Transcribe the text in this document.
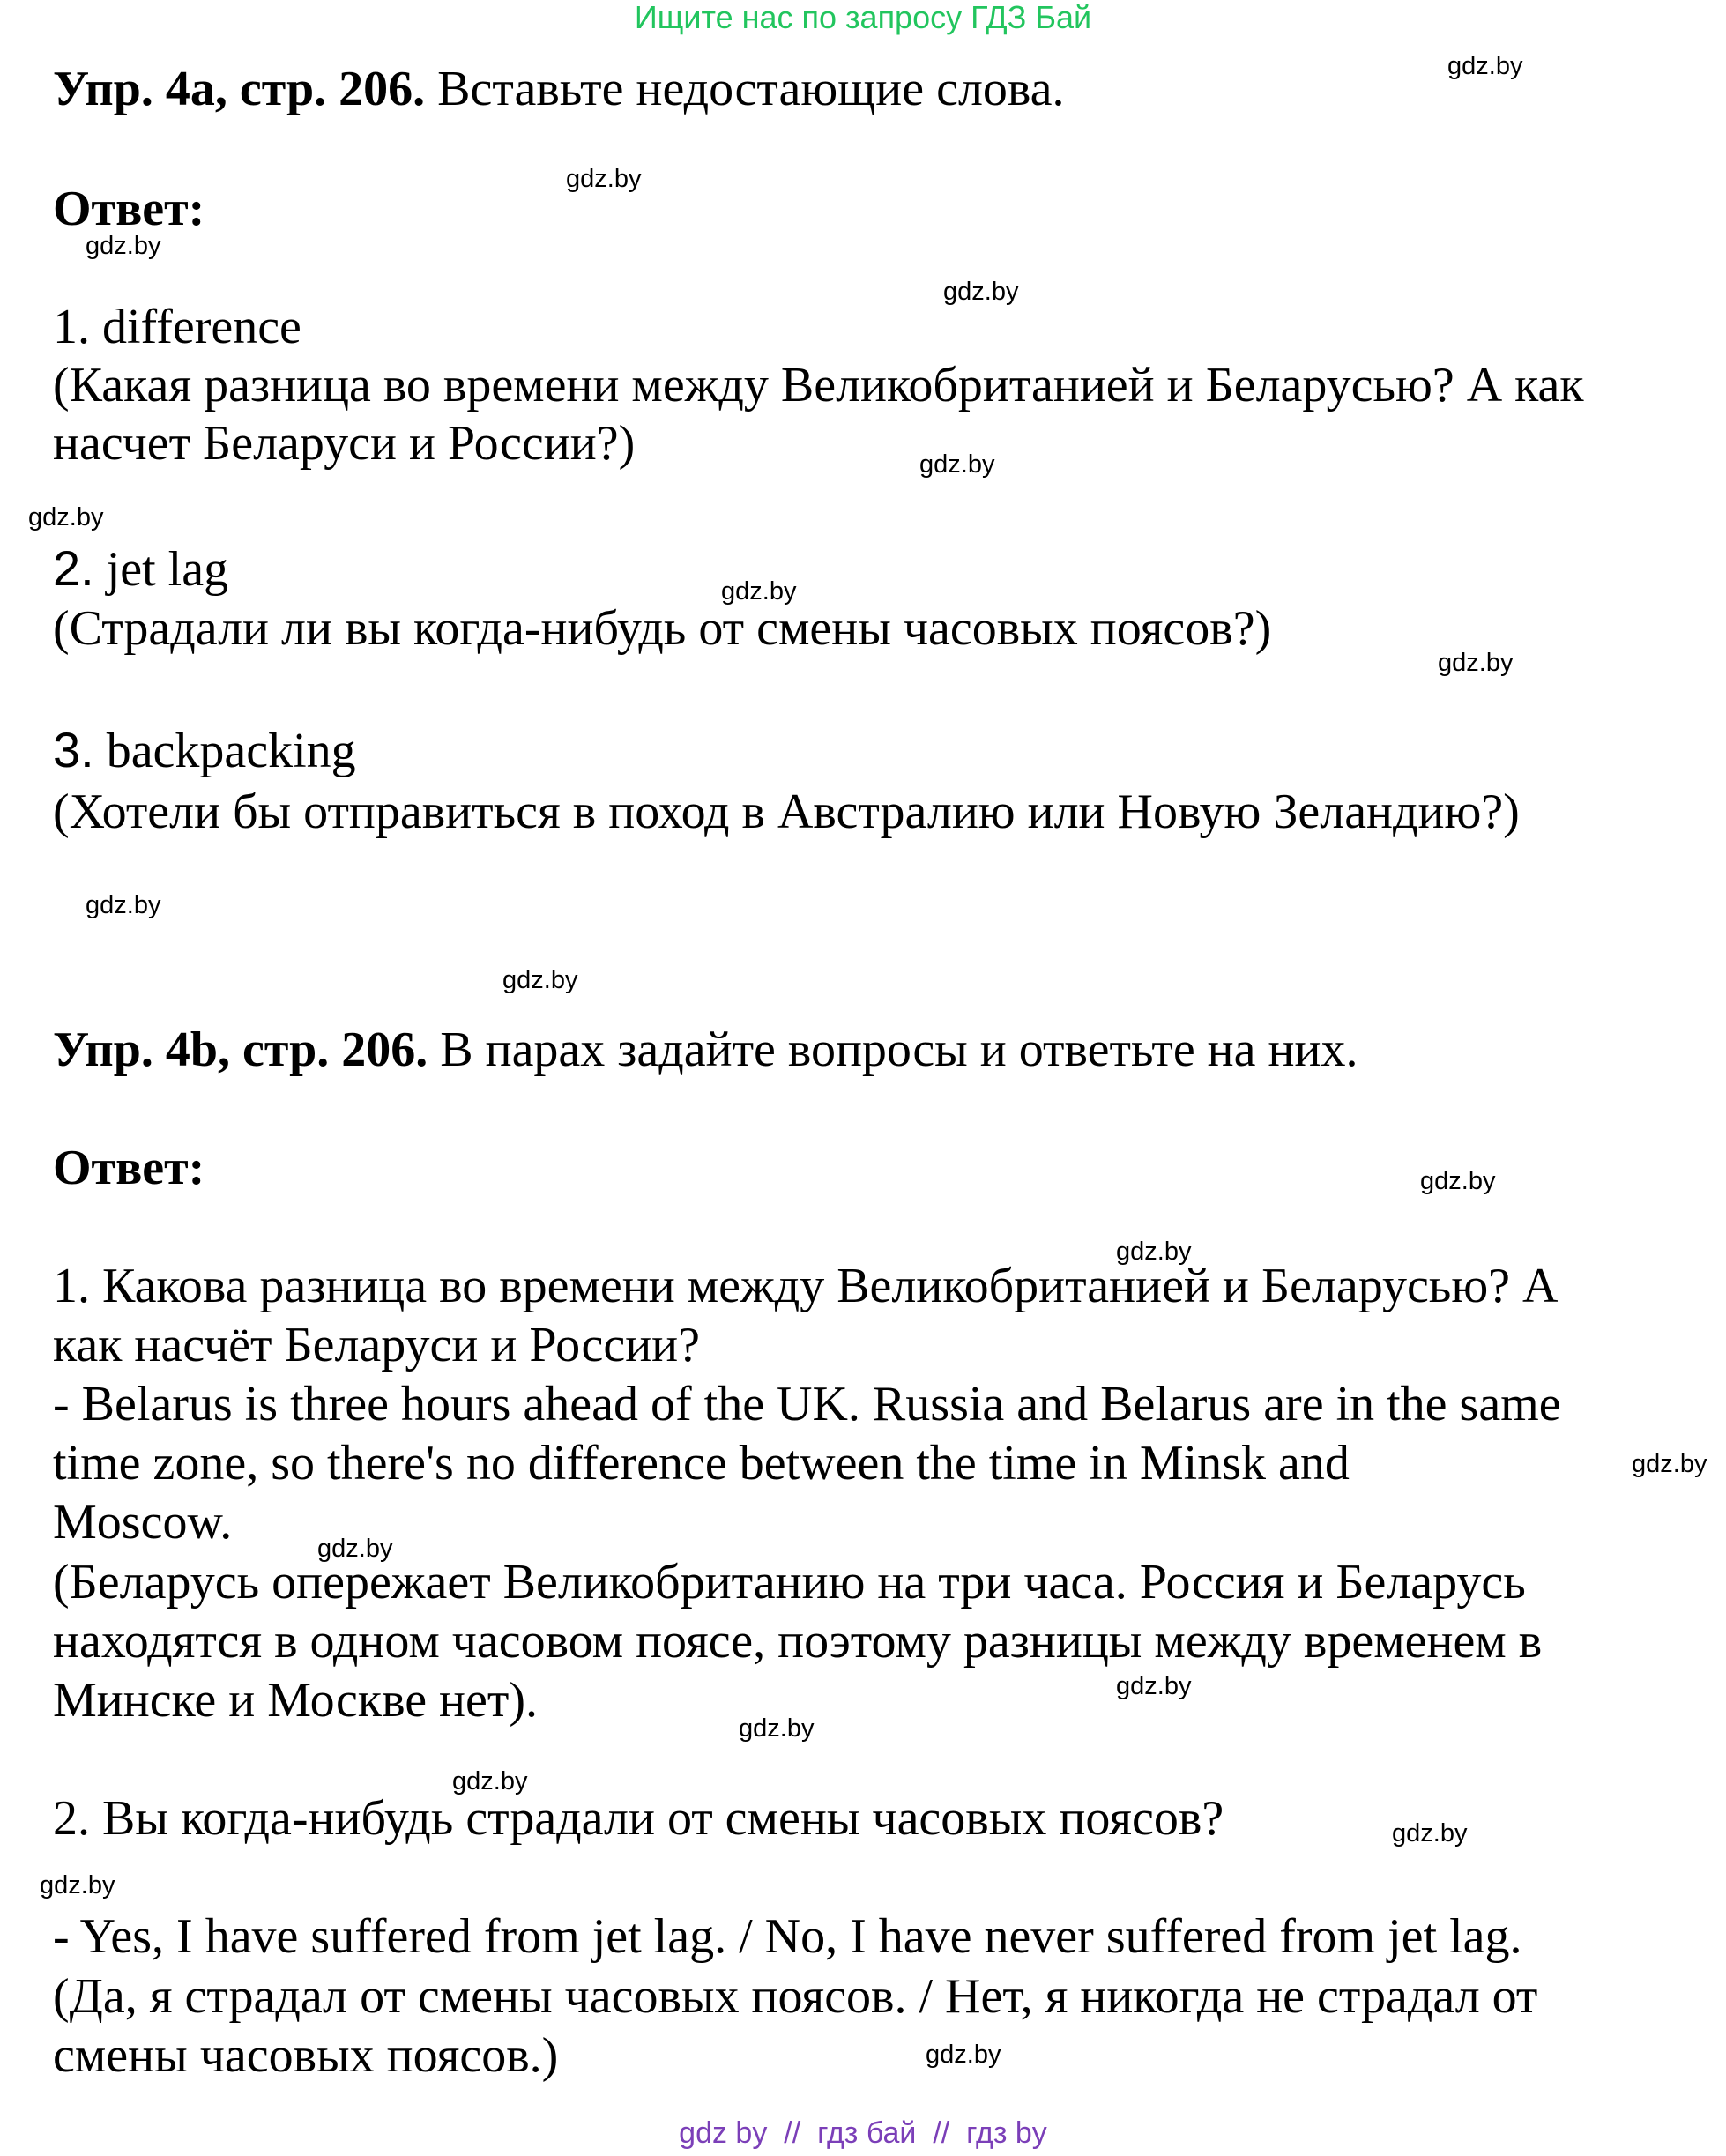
Ищите нас по запросу ГДЗ Бай
gdz.by
gdz.by
gdz.by
gdz.by
gdz.by
gdz.by
gdz.by
gdz.by
gdz.by
gdz.by
gdz.by
gdz.by
gdz.by
gdz.by
gdz.by
gdz.by
gdz.by
gdz.by
gdz.by
gdz.by
Упр. 4а, стр. 206. Вставьте недостающие слова.
Ответ:
1. difference
(Какая разница во времени между Великобританией и Беларусью? А как
насчет Беларуси и России?)
2. jet lag
(Страдали ли вы когда-нибудь от смены часовых поясов?)
3. backpacking
(Хотели бы отправиться в поход в Австралию или Новую Зеландию?)
Упр. 4b, стр. 206. В парах задайте вопросы и ответьте на них.
Ответ:
1. Какова разница во времени между Великобританией и Беларусью? А
как насчёт Беларуси и России?
- Belarus is three hours ahead of the UK. Russia and Belarus are in the same
time zone, so there's no difference between the time in Minsk and
Moscow.
(Беларусь опережает Великобританию на три часа. Россия и Беларусь
находятся в одном часовом поясе, поэтому разницы между временем в
Минске и Москве нет).
2. Вы когда-нибудь страдали от смены часовых поясов?
- Yes, I have suffered from jet lag. / No, I have never suffered from jet lag.
(Да, я страдал от смены часовых поясов. / Нет, я никогда не страдал от
смены часовых поясов.)
gdz by // гдз бай // гдз by
